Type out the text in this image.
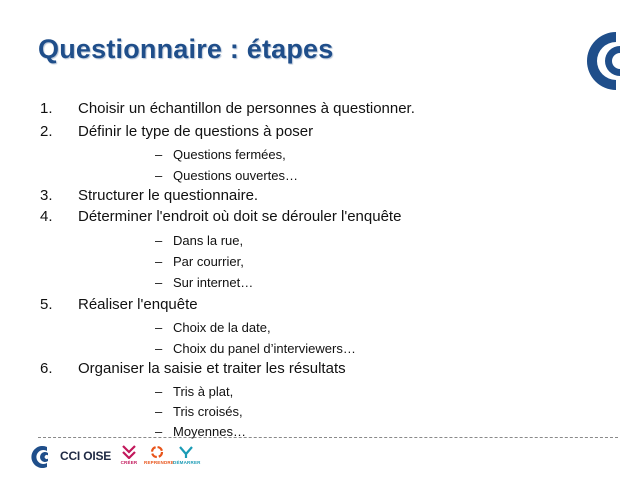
Questionnaire : étapes
1. Choisir un échantillon de personnes à questionner.
2. Définir le type de questions à poser
– Questions fermées,
– Questions ouvertes…
3. Structurer le questionnaire.
4. Déterminer l'endroit où doit se dérouler l'enquête
– Dans la rue,
– Par courrier,
– Sur internet…
5. Réaliser l'enquête
– Choix de la date,
– Choix du panel d’interviewers…
6. Organiser la saisie et traiter les résultats
– Tris à plat,
– Tris croisés,
– Moyennes…
CCI OISE	CRÉER	REPRENDRE
DÉMARRER
